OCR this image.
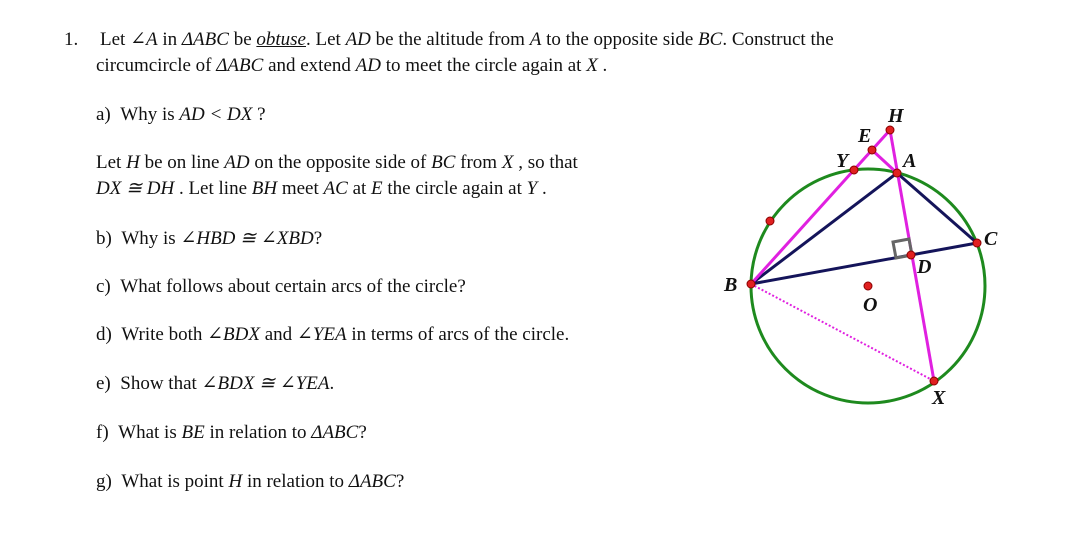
1. Let ∠A in ΔABC be obtuse. Let AD be the altitude from A to the opposite side BC. Construct the
circumcircle of ΔABC and extend AD to meet the circle again at X .
a) Why is AD < DX ?
Let H be on line AD on the opposite side of BC from X , so that
DX ≅ DH . Let line BH meet AC at E the circle again at Y .
b) Why is ∠HBD ≅ ∠XBD?
c) What follows about certain arcs of the circle?
d) Write both ∠BDX and ∠YEA in terms of arcs of the circle.
e) Show that ∠BDX ≅ ∠YEA.
f) What is BE in relation to ΔABC?
g) What is point H in relation to ΔABC?
H
E
Y	A
C
D
B
O
X
